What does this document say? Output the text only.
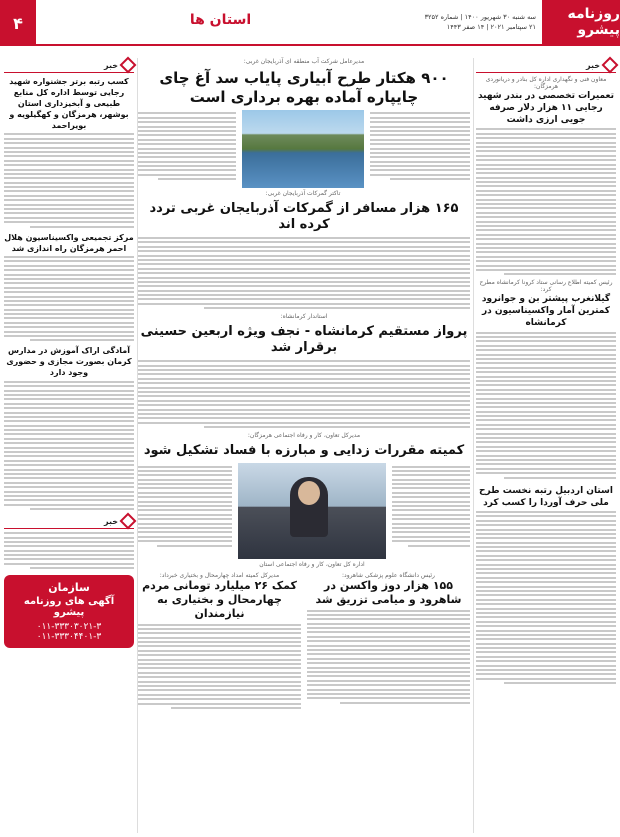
۴	استان ها	روزنامه پیشرو
سه شنبه ۳۰ شهریور ۱۴۰۰ | شماره ۳۲۵۲
۲۱ سپتامبر ۲۰۲۱ | ۱۴ صفر ۱۴۴۳
خبر
معاون فنی و نگهداری اداره کل بنادر و دریانوردی هرمزگان:
تعمیرات تخصصی در بندر شهید رجایی ۱۱ هزار دلار صرفه جویی ارزی داشت
رئیس کمیته اطلاع رسانی ستاد کرونا کرمانشاه مطرح کرد:
گیلانغرب پیشتر بن و جوانرود کمترین آمار واکسیناسیون در کرمانشاه
استان اردبیل رتبه نخست طرح ملی حرف آوردا را کسب کرد
مدیرعامل شرکت آب منطقه ای آذربایجان غربی:
۹۰۰ هکتار طرح آبیاری پایاب سد آغ چای چایپاره آماده بهره برداری است
تاکتر گمرکات آذربایجان غربی:
۱۶۵ هزار مسافر از گمرکات آذربایجان غربی تردد کرده اند
استاندار کرمانشاه:
پرواز مستقیم کرمانشاه - نجف ویژه اربعین حسینی برقرار شد
مدیرکل تعاون، کار و رفاه اجتماعی هرمزگان:
کمیته مقررات زدایی و مبارزه با فساد تشکیل شود
اداره کل تعاون، کار و رفاه اجتماعی استان
رئیس دانشگاه علوم پزشکی شاهرود:
۱۵۵ هزار دوز واکسن در شاهرود و میامی تزریق شد
مدیرکل کمیته امداد چهارمحال و بختیاری خبرداد:
کمک ۲۶ میلیارد تومانی مردم چهارمحال و بختیاری به نیازمندان
خبر
کسب رتبه برتر جشنواره شهید رجایی توسط اداره کل منابع طبیعی و آبخیزداری استان بوشهر، هرمزگان و کهگیلویه و بویراحمد
مرکز تجمیعی واکسیناسیون هلال احمر هرمزگان راه اندازی شد
آمادگی اراک آموزش در مدارس کرمان بصورت مجازی و حضوری وجود دارد
خبر
سازمان
آگهی های روزنامه پیشرو
۰۱۱-۳۳۳۰۳۰۲۱-۳
۰۱۱-۳۳۳۰۴۴۰۱-۳
